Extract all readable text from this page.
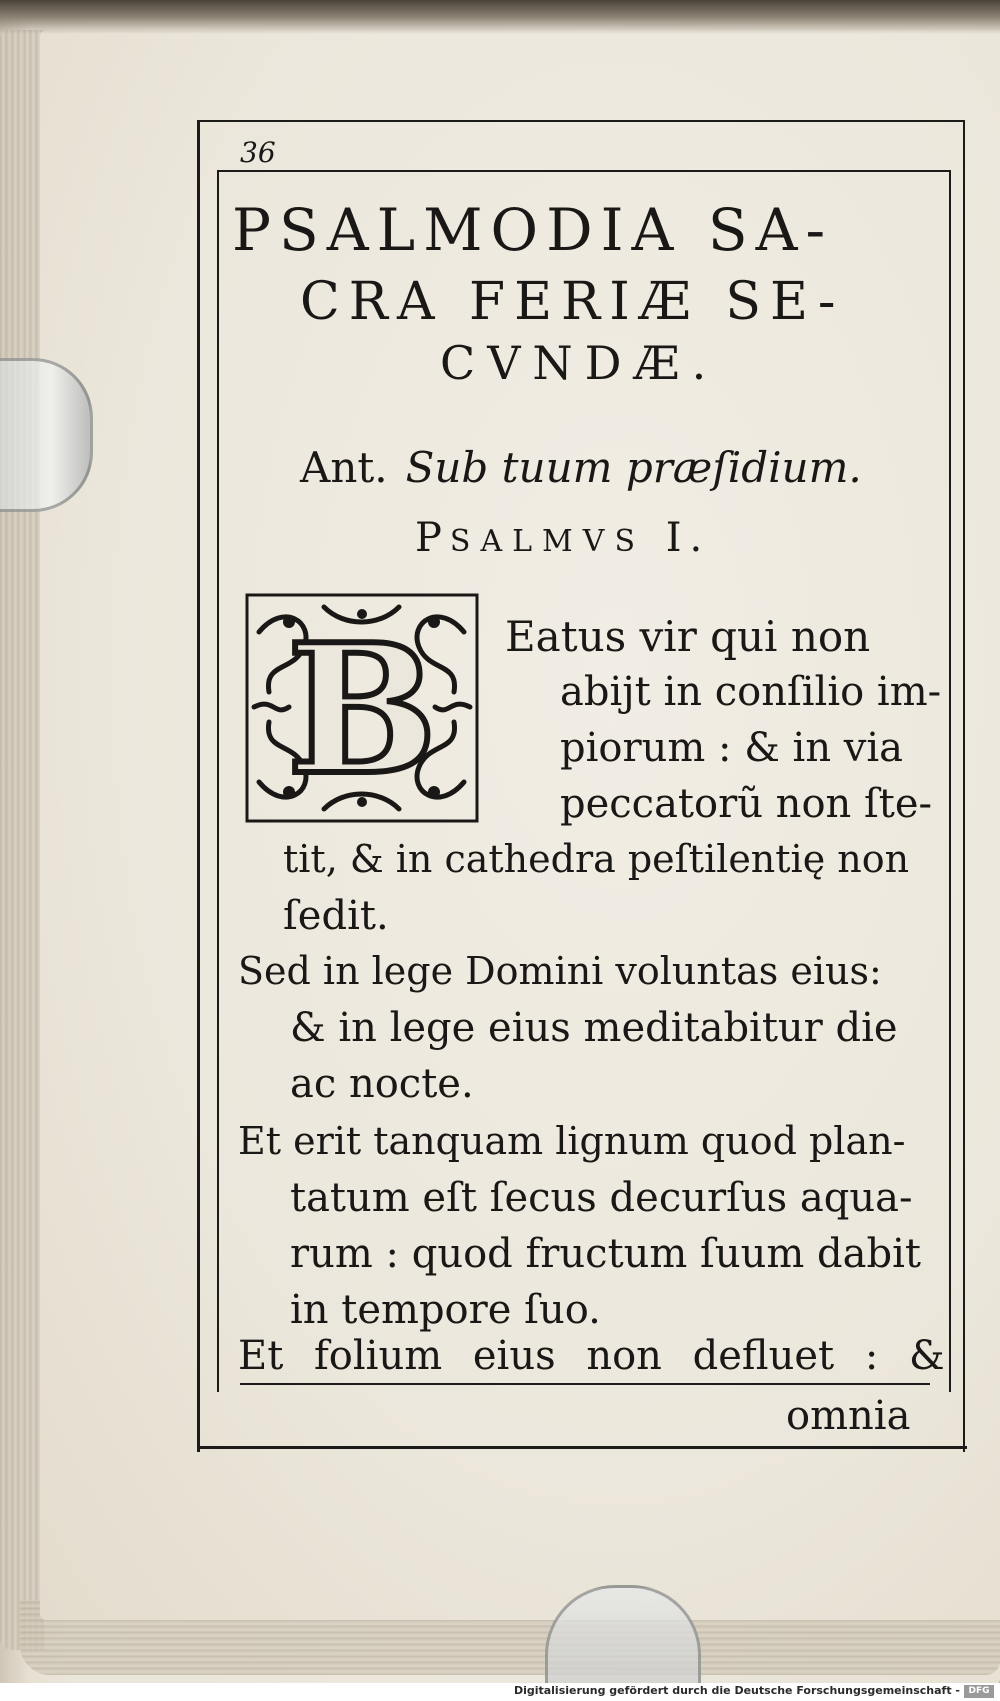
36
PSALMODIA SA-
CRA FERIÆ SE-
CVNDÆ.
Ant. Sub tuum præſidium.
PSALMVS I.
B Eatus vir qui non
abijt in conſilio im-
piorum : & in via
peccatorũ non ſte-
tit, & in cathedra peſtilentię non
ſedit.
Sed in lege Domini voluntas eius:
& in lege eius meditabitur die
ac nocte.
Et erit tanquam lignum quod plan-
tatum eſt ſecus decurſus aqua-
rum : quod fructum ſuum dabit
in tempore ſuo.
Et folium eius non defluet : &
omnia
Digitalisierung gefördert durch die Deutsche Forschungsgemeinschaft - DFG
